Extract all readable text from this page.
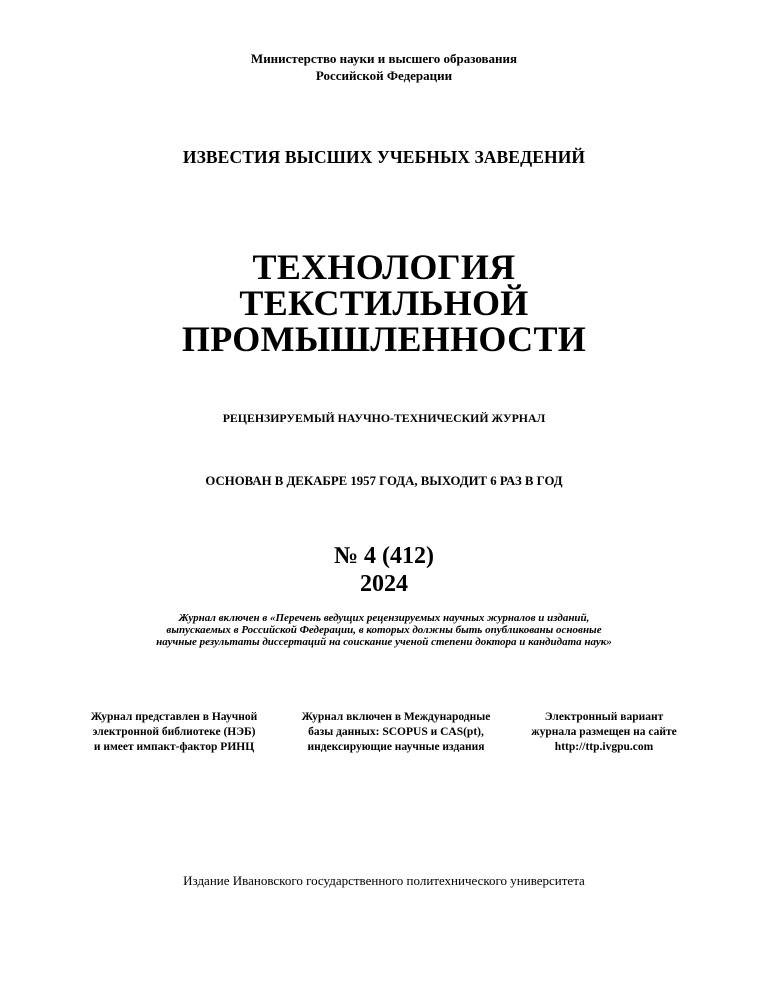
Министерство науки и высшего образования
Российской Федерации
ИЗВЕСТИЯ ВЫСШИХ УЧЕБНЫХ ЗАВЕДЕНИЙ
ТЕХНОЛОГИЯ
ТЕКСТИЛЬНОЙ
ПРОМЫШЛЕННОСТИ
РЕЦЕНЗИРУЕМЫЙ НАУЧНО-ТЕХНИЧЕСКИЙ ЖУРНАЛ
ОСНОВАН В ДЕКАБРЕ 1957 ГОДА, ВЫХОДИТ 6 РАЗ В ГОД
№ 4 (412)
2024
Журнал включен в «Перечень ведущих рецензируемых научных журналов и изданий,
выпускаемых в Российской Федерации, в которых должны быть опубликованы основные
научные результаты диссертаций на соискание ученой степени доктора и кандидата наук»
Журнал представлен в Научной
электронной библиотеке (НЭБ)
и имеет импакт-фактор РИНЦ
Журнал включен в Международные
базы данных: SCOPUS и CAS(pt),
индексирующие научные издания
Электронный вариант
журнала размещен на сайте
http://ttp.ivgpu.com
Издание Ивановского государственного политехнического университета
